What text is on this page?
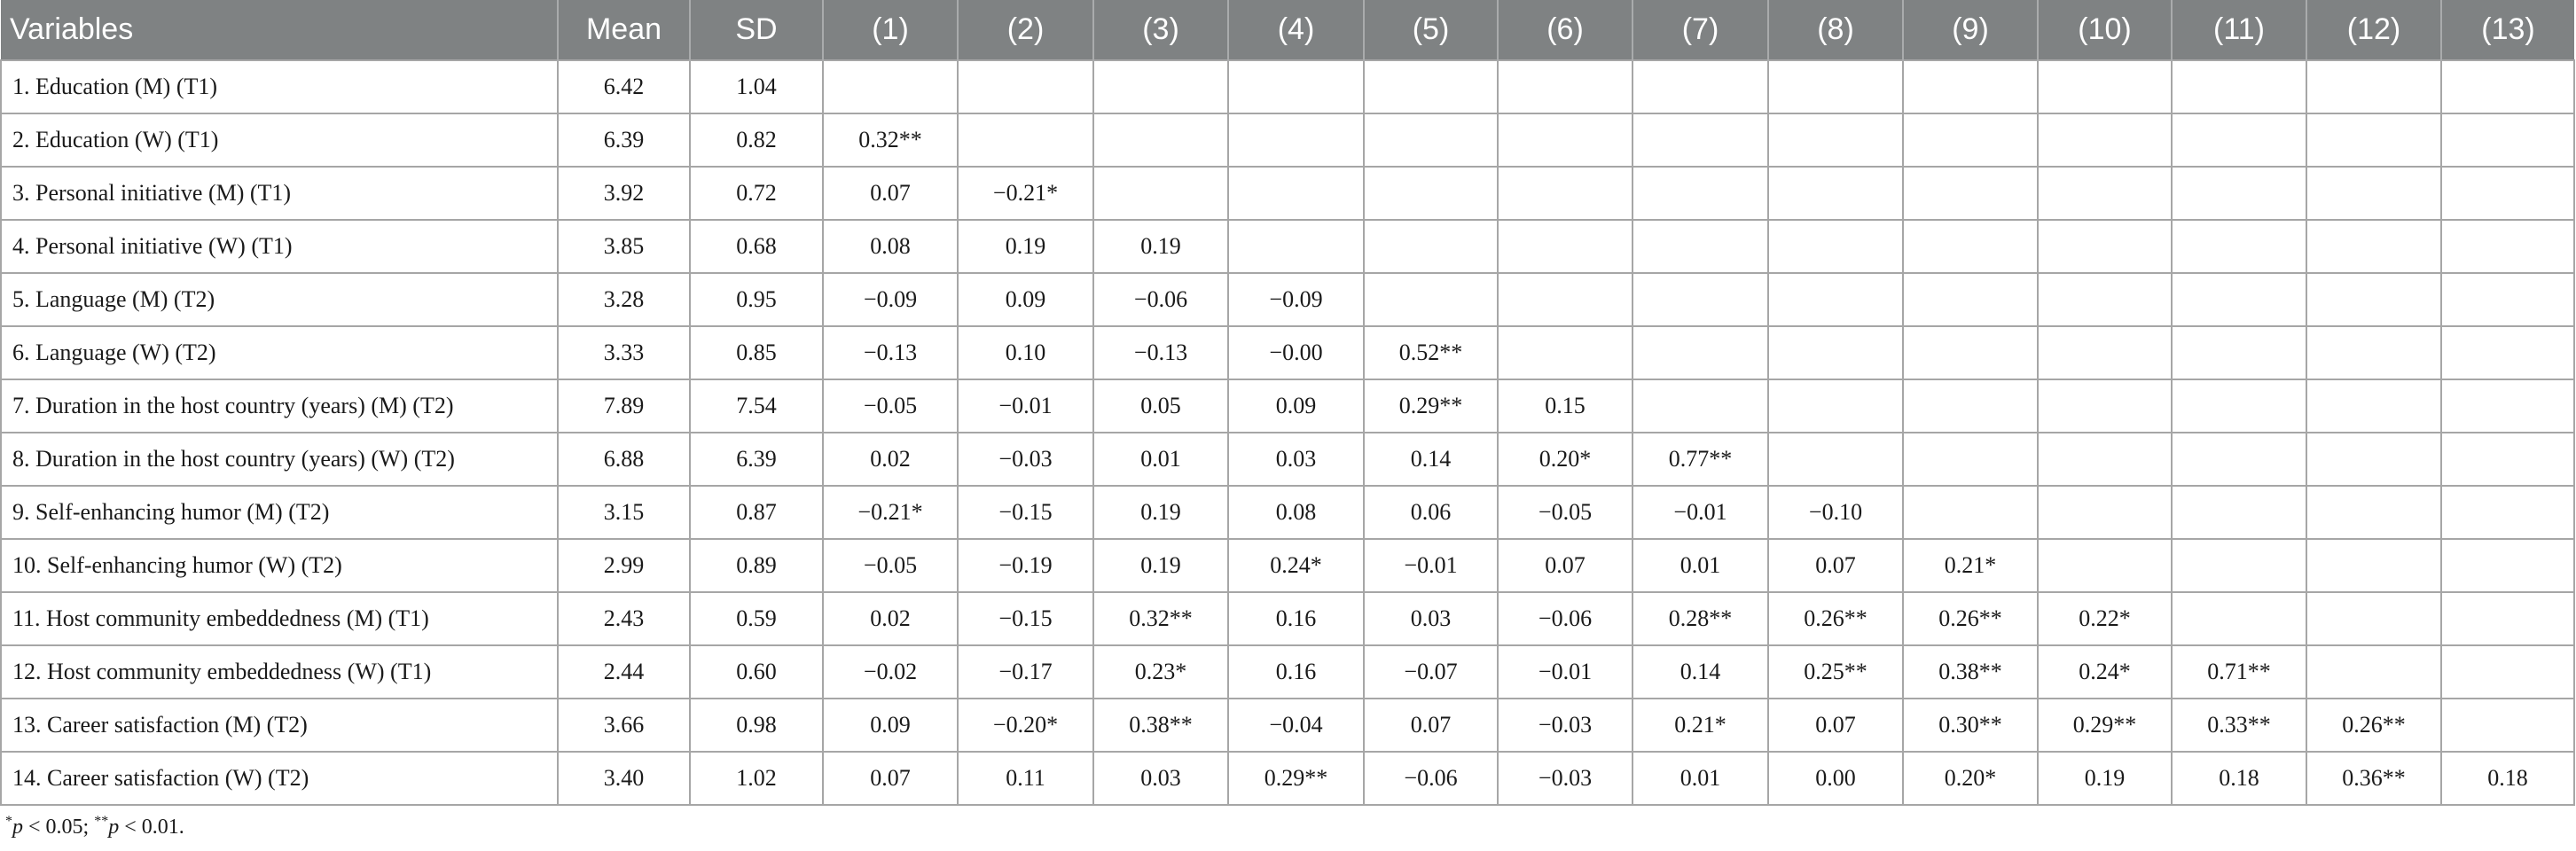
Variables	Mean	SD	(1)	(2)	(3)	(4)	(5)	(6)	(7)	(8)	(9)	(10)	(11)	(12)	(13)
1. Education (M) (T1)	6.42	1.04													
2. Education (W) (T1)	6.39	0.82	0.32**												
3. Personal initiative (M) (T1)	3.92	0.72	0.07	−0.21*											
4. Personal initiative (W) (T1)	3.85	0.68	0.08	0.19	0.19										
5. Language (M) (T2)	3.28	0.95	−0.09	0.09	−0.06	−0.09									
6. Language (W) (T2)	3.33	0.85	−0.13	0.10	−0.13	−0.00	0.52**								
7. Duration in the host country (years) (M) (T2)	7.89	7.54	−0.05	−0.01	0.05	0.09	0.29**	0.15							
8. Duration in the host country (years) (W) (T2)	6.88	6.39	0.02	−0.03	0.01	0.03	0.14	0.20*	0.77**						
9. Self-enhancing humor (M) (T2)	3.15	0.87	−0.21*	−0.15	0.19	0.08	0.06	−0.05	−0.01	−0.10					
10. Self-enhancing humor (W) (T2)	2.99	0.89	−0.05	−0.19	0.19	0.24*	−0.01	0.07	0.01	0.07	0.21*				
11. Host community embeddedness (M) (T1)	2.43	0.59	0.02	−0.15	0.32**	0.16	0.03	−0.06	0.28**	0.26**	0.26**	0.22*			
12. Host community embeddedness (W) (T1)	2.44	0.60	−0.02	−0.17	0.23*	0.16	−0.07	−0.01	0.14	0.25**	0.38**	0.24*	0.71**		
13. Career satisfaction (M) (T2)	3.66	0.98	0.09	−0.20*	0.38**	−0.04	0.07	−0.03	0.21*	0.07	0.30**	0.29**	0.33**	0.26**	
14. Career satisfaction (W) (T2)	3.40	1.02	0.07	0.11	0.03	0.29**	−0.06	−0.03	0.01	0.00	0.20*	0.19	0.18	0.36**	0.18
*p < 0.05; **p < 0.01.
